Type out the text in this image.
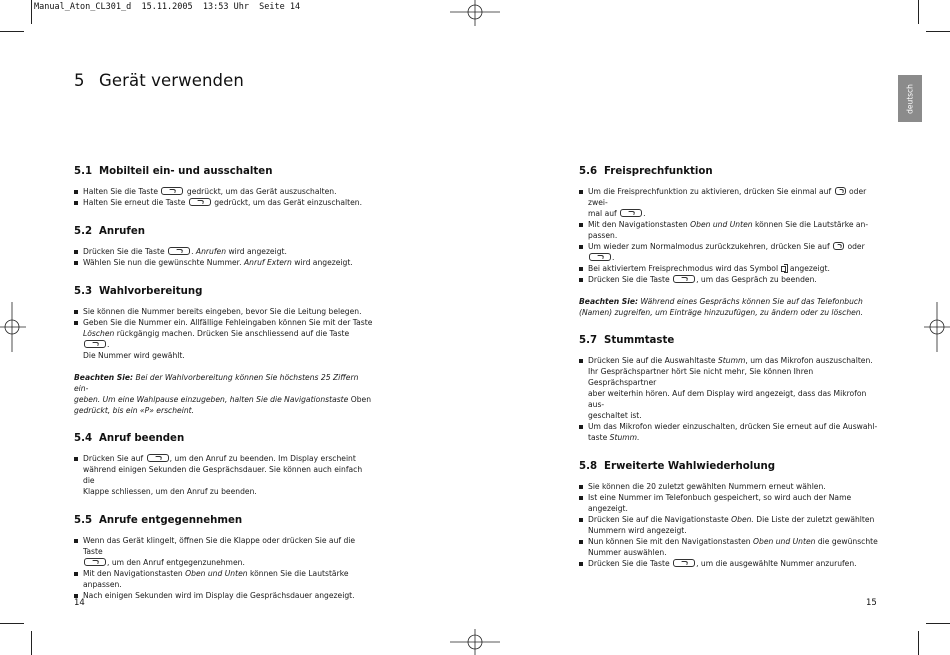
Manual_Aton_CL301_d  15.11.2005  13:53 Uhr  Seite 14
5 Gerät verwenden
deutsch
5.1 Mobilteil ein- und ausschalten
Halten Sie die Taste	gedrückt, um das Gerät auszuschalten.
Halten Sie erneut die Taste	gedrückt, um das Gerät einzuschalten.
5.2 Anrufen
Drücken Sie die Taste	. Anrufen wird angezeigt.
Wählen Sie nun die gewünschte Nummer. Anruf Extern wird angezeigt.
5.3 Wahlvorbereitung
Sie können die Nummer bereits eingeben, bevor Sie die Leitung belegen.
Geben Sie die Nummer ein. Allfällige Fehleingaben können Sie mit der Taste
Löschen rückgängig machen. Drücken Sie anschliessend auf die Taste .
Die Nummer wird gewählt.

Beachten Sie: Bei der Wahlvorbereitung können Sie höchstens 25 Ziffern ein-
geben. Um eine Wahlpause einzugeben, halten Sie die Navigationstaste Oben
gedrückt, bis ein «P» erscheint.

5.4 Anruf beenden
Drücken Sie auf	, um den Anruf zu beenden. Im Display erscheint
während einigen Sekunden die Gesprächsdauer. Sie können auch einfach die
Klappe schliessen, um den Anruf zu beenden.
5.5 Anrufe entgegennehmen
Wenn das Gerät klingelt, öffnen Sie die Klappe oder drücken Sie auf die Taste
, um den Anruf entgegenzunehmen.
Mit den Navigationstasten Oben und Unten können Sie die Lautstärke anpassen.
Nach einigen Sekunden wird im Display die Gesprächsdauer angezeigt.
5.6 Freisprechfunktion
Um die Freisprechfunktion zu aktivieren, drücken Sie einmal auf oder zwei-
mal auf	.
Mit den Navigationstasten Oben und Unten können Sie die Lautstärke an-
passen.
Um wieder zum Normalmodus zurückzukehren, drücken Sie auf oder
.
Bei aktiviertem Freisprechmodus wird das Symbol angezeigt.
Drücken Sie die Taste	, um das Gespräch zu beenden.

Beachten Sie: Während eines Gesprächs können Sie auf das Telefonbuch
(Namen) zugreifen, um Einträge hinzuzufügen, zu ändern oder zu löschen.

5.7 Stummtaste
Drücken Sie auf die Auswahltaste Stumm, um das Mikrofon auszuschalten.
Ihr Gesprächspartner hört Sie nicht mehr, Sie können Ihren Gesprächspartner
aber weiterhin hören. Auf dem Display wird angezeigt, dass das Mikrofon aus-
geschaltet ist.
Um das Mikrofon wieder einzuschalten, drücken Sie erneut auf die Auswahl-
taste Stumm.
5.8 Erweiterte Wahlwiederholung
Sie können die 20 zuletzt gewählten Nummern erneut wählen.
Ist eine Nummer im Telefonbuch gespeichert, so wird auch der Name angezeigt.
Drücken Sie auf die Navigationstaste Oben. Die Liste der zuletzt gewählten
Nummern wird angezeigt.
Nun können Sie mit den Navigationstasten Oben und Unten die gewünschte
Nummer auswählen.
Drücken Sie die Taste	, um die ausgewählte Nummer anzurufen.
14	15
